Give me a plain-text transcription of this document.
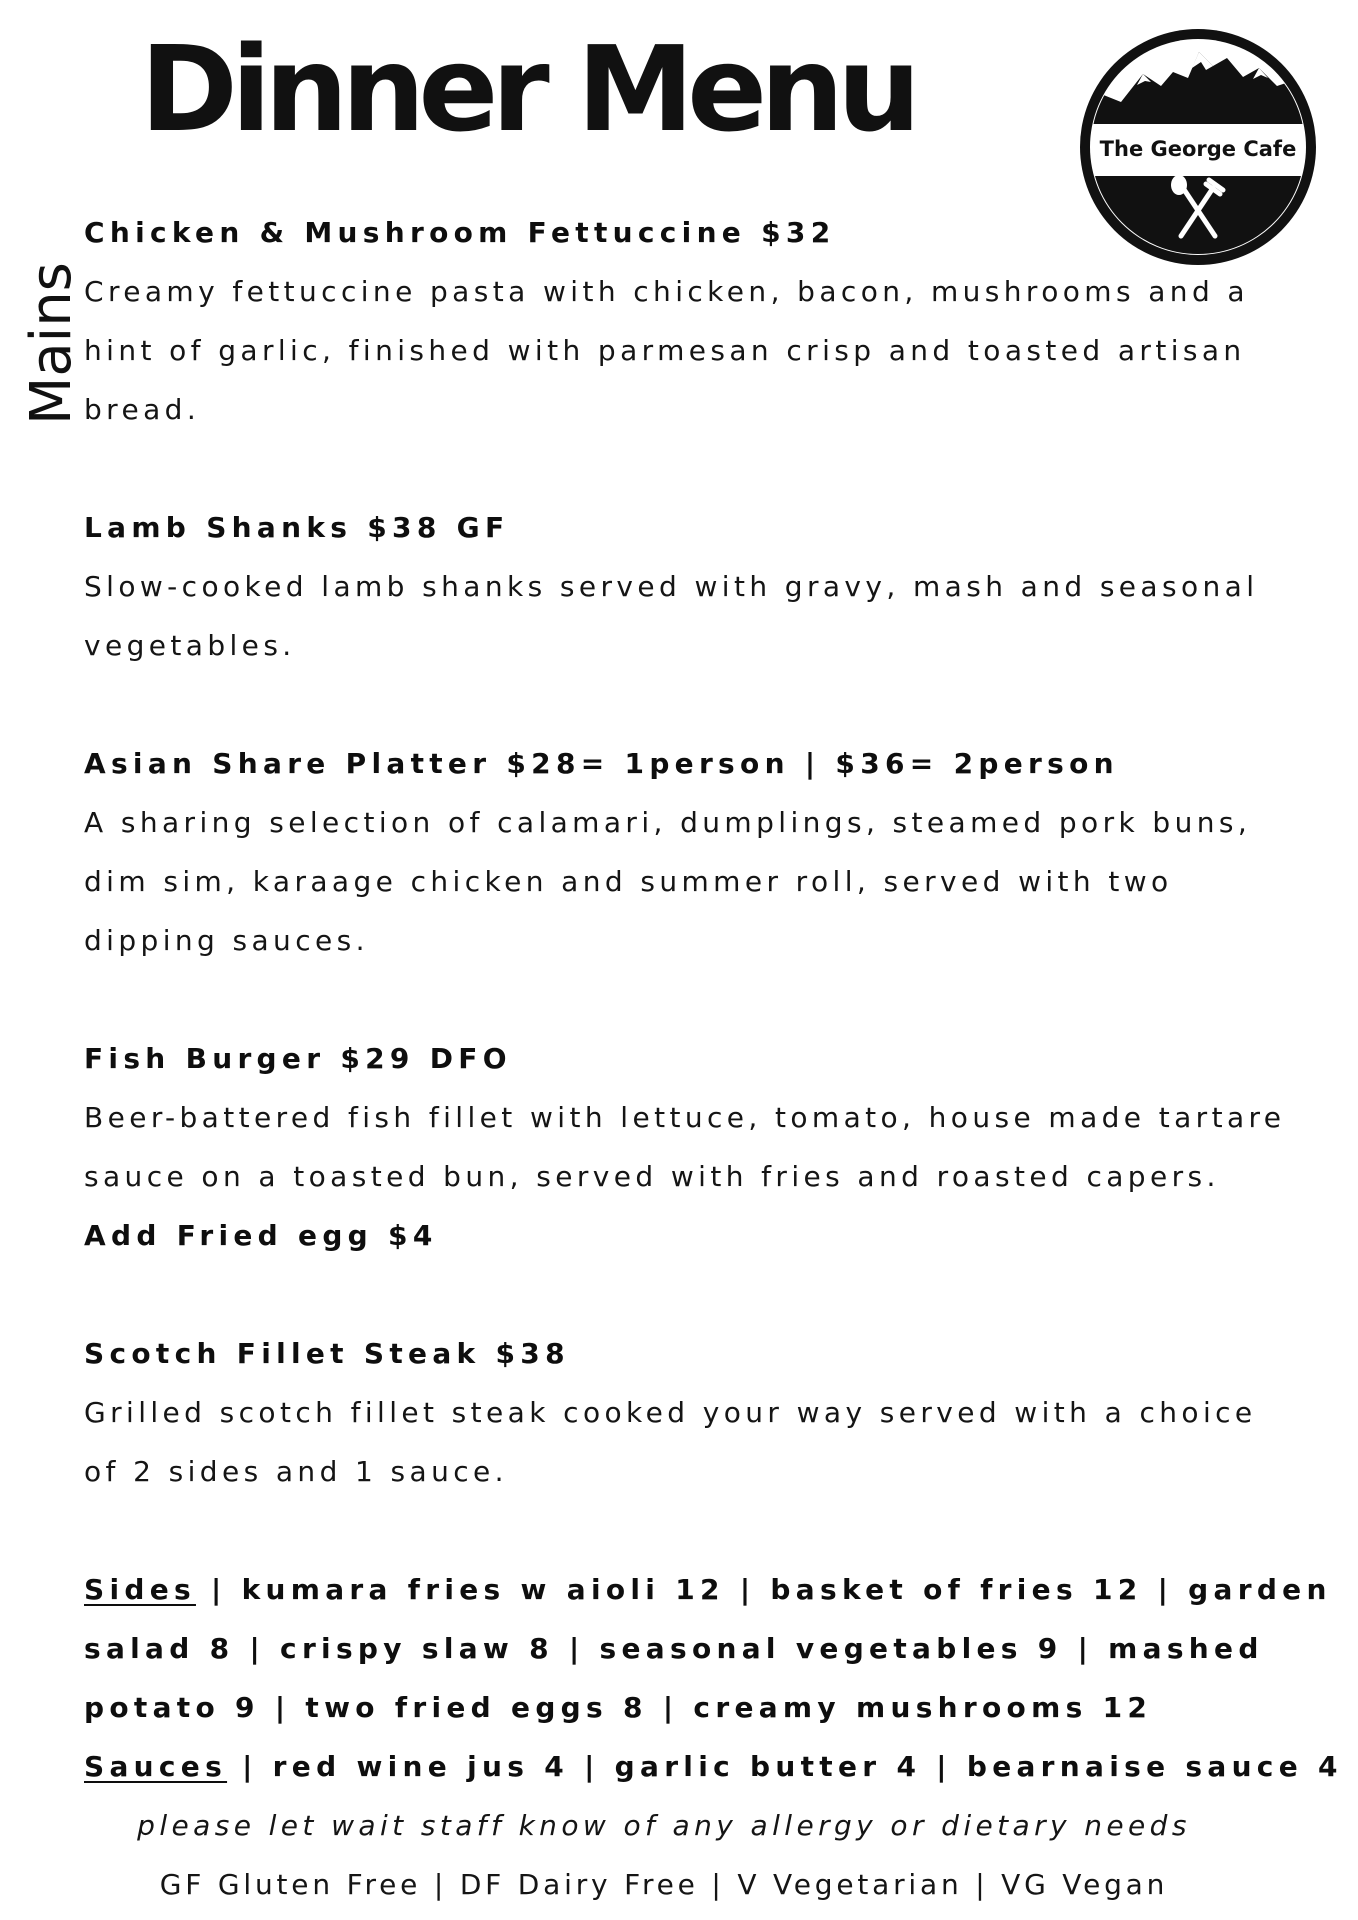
Dinner Menu
Mains
The George Cafe
Chicken & Mushroom Fettuccine $32
Creamy fettuccine pasta with chicken, bacon, mushrooms and a
hint of garlic, finished with parmesan crisp and toasted artisan
bread.
Lamb Shanks $38 GF
Slow-cooked lamb shanks served with gravy, mash and seasonal
vegetables.
Asian Share Platter $28= 1person | $36= 2person
A sharing selection of calamari, dumplings, steamed pork buns,
dim sim, karaage chicken and summer roll, served with two
dipping sauces.
Fish Burger $29 DFO
Beer-battered fish fillet with lettuce, tomato, house made tartare
sauce on a toasted bun, served with fries and roasted capers.
Add Fried egg $4
Scotch Fillet Steak $38
Grilled scotch fillet steak cooked your way served with a choice
of 2 sides and 1 sauce.
Sides | kumara fries w aioli 12 | basket of fries 12 | garden
salad 8 | crispy slaw 8 | seasonal vegetables 9 | mashed
potato 9 | two fried eggs 8 | creamy mushrooms 12
Sauces | red wine jus 4 | garlic butter 4 | bearnaise sauce 4
please let wait staff know of any allergy or dietary needs
GF Gluten Free | DF Dairy Free | V Vegetarian | VG Vegan
